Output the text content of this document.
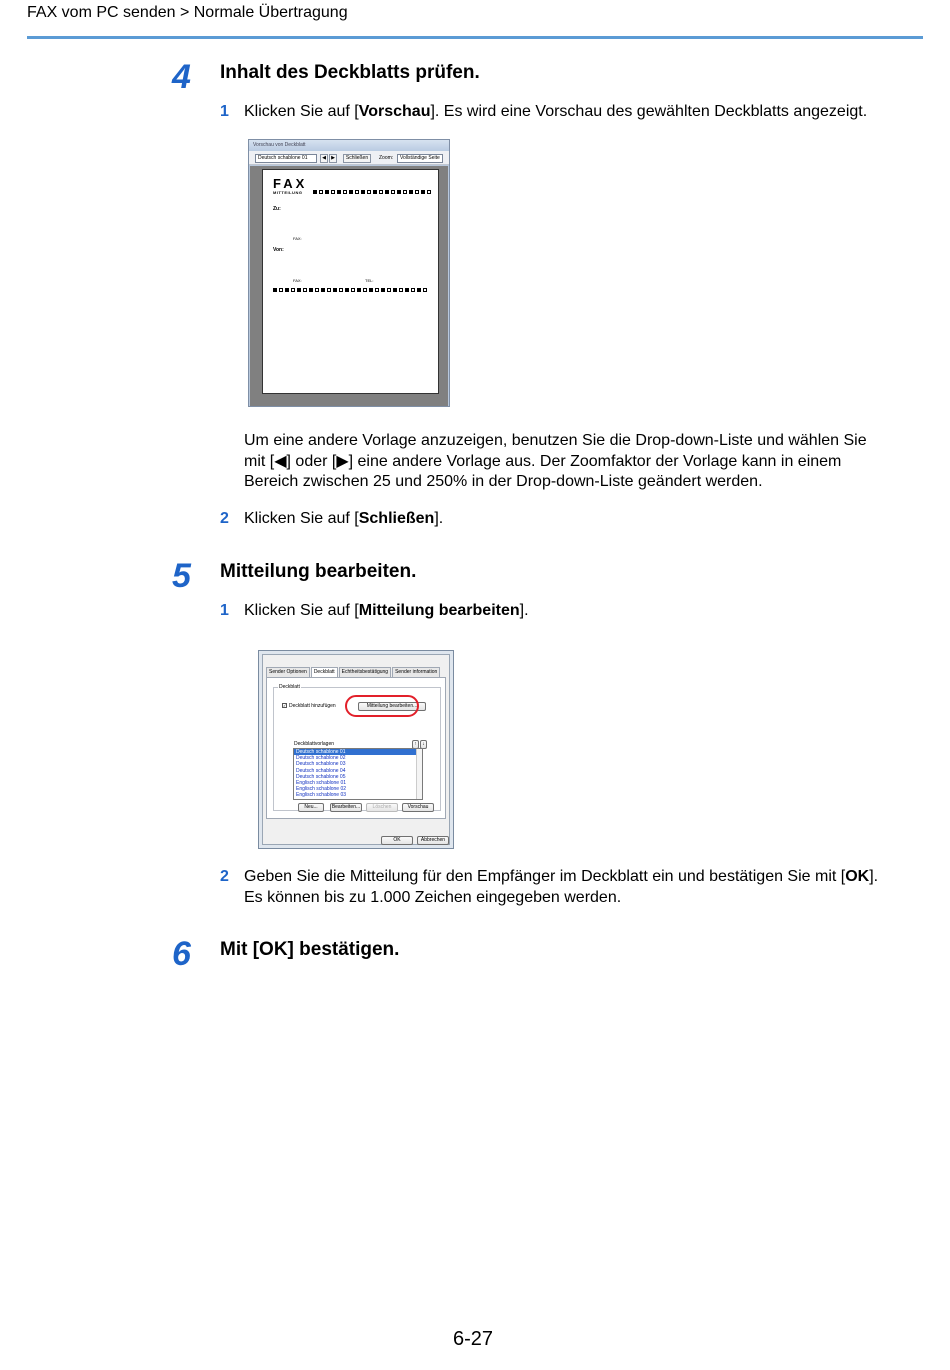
FAX vom PC senden > Normale Übertragung
4 Inhalt des Deckblatts prüfen.
1 Klicken Sie auf [Vorschau]. Es wird eine Vorschau des gewählten Deckblatts angezeigt.
Vorschau von Deckblatt
Deutsch schablone 01	◀	▶	Schließen	Zoom:	Vollständige Seite
FAX
MITTEILUNG
Zu:
FAX:
Von:
FAX:	TEL:
Um eine andere Vorlage anzuzeigen, benutzen Sie die Drop-down-Liste und wählen Sie
mit [◀] oder [▶] eine andere Vorlage aus. Der Zoomfaktor der Vorlage kann in einem
Bereich zwischen 25 und 250% in der Drop-down-Liste geändert werden.
2 Klicken Sie auf [Schließen].
5 Mitteilung bearbeiten.
1 Klicken Sie auf [Mitteilung bearbeiten].
Sender Optionen	Deckblatt	Echtheitsbestätigung	Sender information
Deckblatt
✓ Deckblatt hinzufügen	Mitteilung bearbeiten...
Deckblattvorlagen	↑	↓
Deutsch schablone 01
Deutsch schablone 02
Deutsch schablone 03
Deutsch schablone 04
Deutsch schablone 05
Englisch schablone 01
Englisch schablone 02
Englisch schablone 03
Neu...	Bearbeiten...	Löschen	Vorschau
OK	Abbrechen
2 Geben Sie die Mitteilung für den Empfänger im Deckblatt ein und bestätigen Sie mit [OK].
Es können bis zu 1.000 Zeichen eingegeben werden.
6 Mit [OK] bestätigen.
6-27
